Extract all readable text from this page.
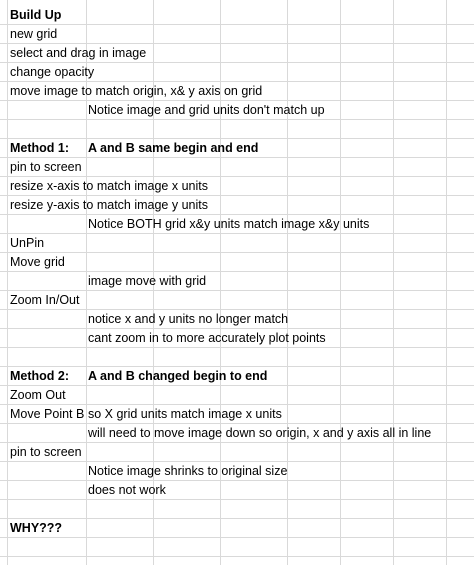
Build Up
new grid
select and drag in image
change opacity
move image to match origin, x& y axis on grid
Notice image and grid units don't match up
Method 1: A and B same begin and end
pin to screen
resize x-axis to match image x units
resize y-axis to match image y units
Notice BOTH grid x&y units match image x&y units
UnPin
Move grid
image move with grid
Zoom In/Out
notice x and y units no longer match
cant zoom in to more accurately plot points
Method 2: A and B changed begin to end
Zoom Out
Move Point B so X grid units match image x units
will need to move image down so origin, x and y axis all in line
pin to screen
Notice image shrinks to original size
does not work
WHY???
